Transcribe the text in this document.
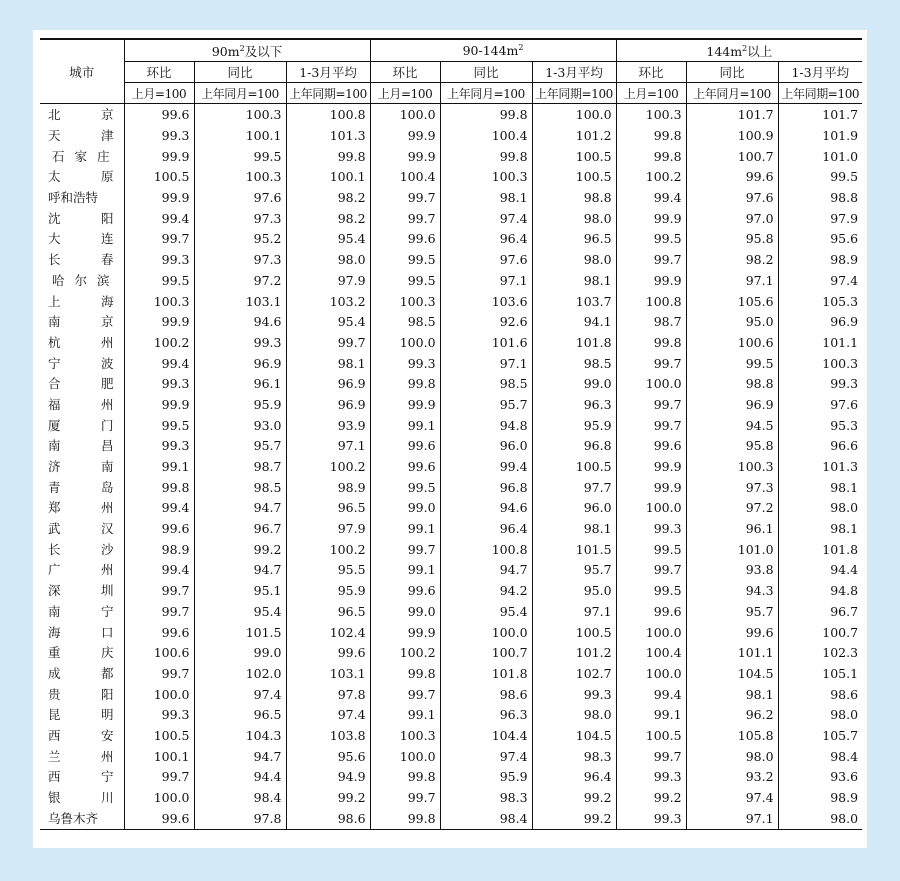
城市	$90m^2$及以下			$90-144m^2$			$144m^2$以上		
	环比	同比	1-3月平均	环比	同比	1-3月平均	环比	同比	1-3月平均
	上月=100	上年同月=100	上年同期=100	上月=100	上年同月=100	上年同期=100	上月=100	上年同月=100	上年同期=100

北 京	99.6	100.3	100.8	100.0	99.8	100.0	100.3	101.7	101.7

天 津	99.3	100.1	101.3	99.9	100.4	101.2	99.8	100.9	101.9

石 家 庄	99.9	99.5	99.8	99.9	99.8	100.5	99.8	100.7	101.0

太 原	100.5	100.3	100.1	100.4	100.3	100.5	100.2	99.6	99.5

呼和浩特	99.9	97.6	98.2	99.7	98.1	98.8	99.4	97.6	98.8

沈 阳	99.4	97.3	98.2	99.7	97.4	98.0	99.9	97.0	97.9

大 连	99.7	95.2	95.4	99.6	96.4	96.5	99.5	95.8	95.6

长 春	99.3	97.3	98.0	99.5	97.6	98.0	99.7	98.2	98.9

哈 尔 滨	99.5	97.2	97.9	99.5	97.1	98.1	99.9	97.1	97.4

上 海	100.3	103.1	103.2	100.3	103.6	103.7	100.8	105.6	105.3

南 京	99.9	94.6	95.4	98.5	92.6	94.1	98.7	95.0	96.9

杭 州	100.2	99.3	99.7	100.0	101.6	101.8	99.8	100.6	101.1

宁 波	99.4	96.9	98.1	99.3	97.1	98.5	99.7	99.5	100.3

合 肥	99.3	96.1	96.9	99.8	98.5	99.0	100.0	98.8	99.3

福 州	99.9	95.9	96.9	99.9	95.7	96.3	99.7	96.9	97.6

厦 门	99.5	93.0	93.9	99.1	94.8	95.9	99.7	94.5	95.3

南 昌	99.3	95.7	97.1	99.6	96.0	96.8	99.6	95.8	96.6

济 南	99.1	98.7	100.2	99.6	99.4	100.5	99.9	100.3	101.3

青 岛	99.8	98.5	98.9	99.5	96.8	97.7	99.9	97.3	98.1

郑 州	99.4	94.7	96.5	99.0	94.6	96.0	100.0	97.2	98.0

武 汉	99.6	96.7	97.9	99.1	96.4	98.1	99.3	96.1	98.1

长 沙	98.9	99.2	100.2	99.7	100.8	101.5	99.5	101.0	101.8

广 州	99.4	94.7	95.5	99.1	94.7	95.7	99.7	93.8	94.4

深 圳	99.7	95.1	95.9	99.6	94.2	95.0	99.5	94.3	94.8

南 宁	99.7	95.4	96.5	99.0	95.4	97.1	99.6	95.7	96.7

海 口	99.6	101.5	102.4	99.9	100.0	100.5	100.0	99.6	100.7

重 庆	100.6	99.0	99.6	100.2	100.7	101.2	100.4	101.1	102.3

成 都	99.7	102.0	103.1	99.8	101.8	102.7	100.0	104.5	105.1

贵 阳	100.0	97.4	97.8	99.7	98.6	99.3	99.4	98.1	98.6

昆 明	99.3	96.5	97.4	99.1	96.3	98.0	99.1	96.2	98.0

西 安	100.5	104.3	103.8	100.3	104.4	104.5	100.5	105.8	105.7

兰 州	100.1	94.7	95.6	100.0	97.4	98.3	99.7	98.0	98.4

西 宁	99.7	94.4	94.9	99.8	95.9	96.4	99.3	93.2	93.6

银 川	100.0	98.4	99.2	99.7	98.3	99.2	99.2	97.4	98.9

乌鲁木齐	99.6	97.8	98.6	99.8	98.4	99.2	99.3	97.1	98.0
